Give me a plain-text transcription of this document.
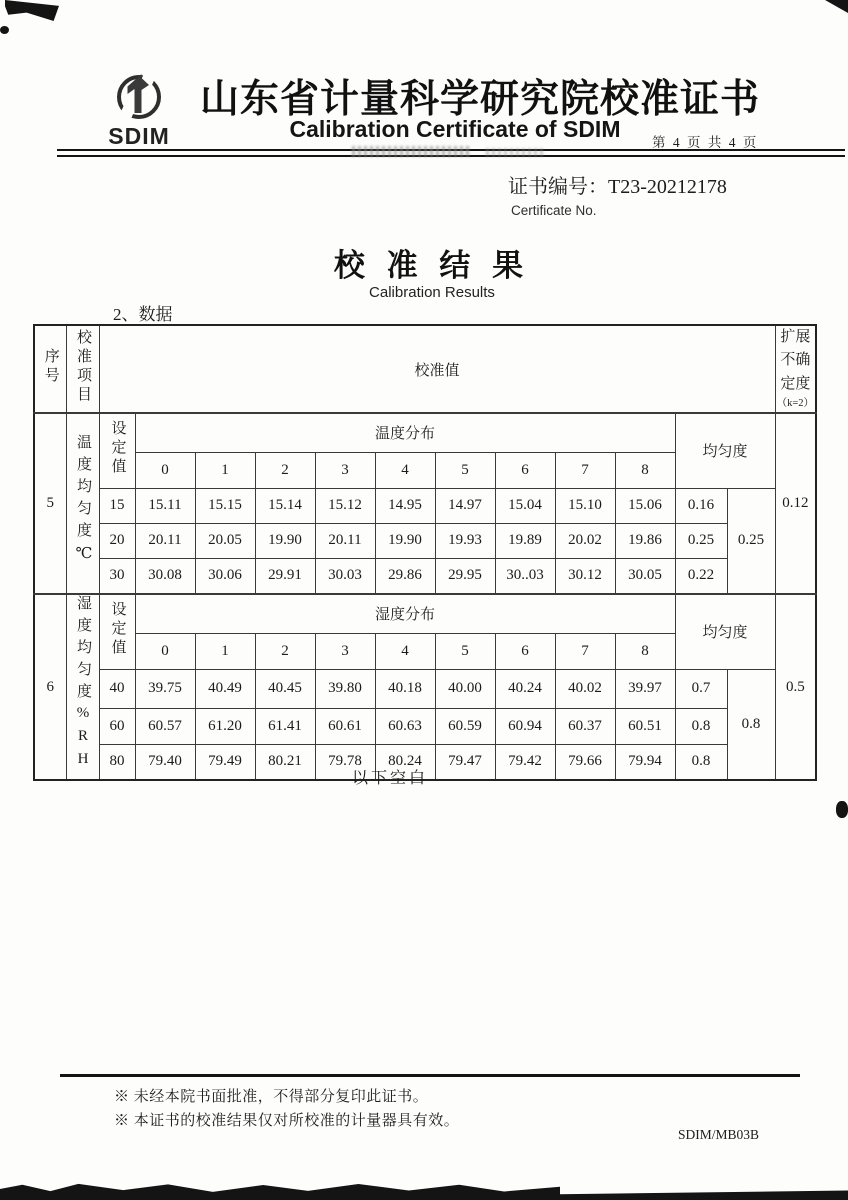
SDIM
山东省计量科学研究院校准证书
Calibration Certificate of SDIM
第 4 页 共 4 页
证书编号：T23-20212178
Certificate No.
校 准 结 果
Calibration Results
2、数据
序号	校准项目	校准值												扩展不确定度
（k=2）

5	温度均匀度℃	设定值	温度分布									均匀度		0.12
			0	1	2	3	4	5	6	7	8			
		15	15.11	15.15	15.14	15.12	14.95	14.97	15.04	15.10	15.06	0.16	0.25	
		20	20.11	20.05	19.90	20.11	19.90	19.93	19.89	20.02	19.86	0.25		
		30	30.08	30.06	29.91	30.03	29.86	29.95	30..03	30.12	30.05	0.22		
6	湿度均匀度%RH	设定值	湿度分布									均匀度		0.5
			0	1	2	3	4	5	6	7	8			
		40	39.75	40.49	40.45	39.80	40.18	40.00	40.24	40.02	39.97	0.7	0.8	
		60	60.57	61.20	61.41	60.61	60.63	60.59	60.94	60.37	60.51	0.8		
		80	79.40	79.49	80.21	79.78	80.24	79.47	79.42	79.66	79.94	0.8		
以下空白
※ 未经本院书面批准，不得部分复印此证书。
※ 本证书的校准结果仅对所校准的计量器具有效。
SDIM/MB03B
